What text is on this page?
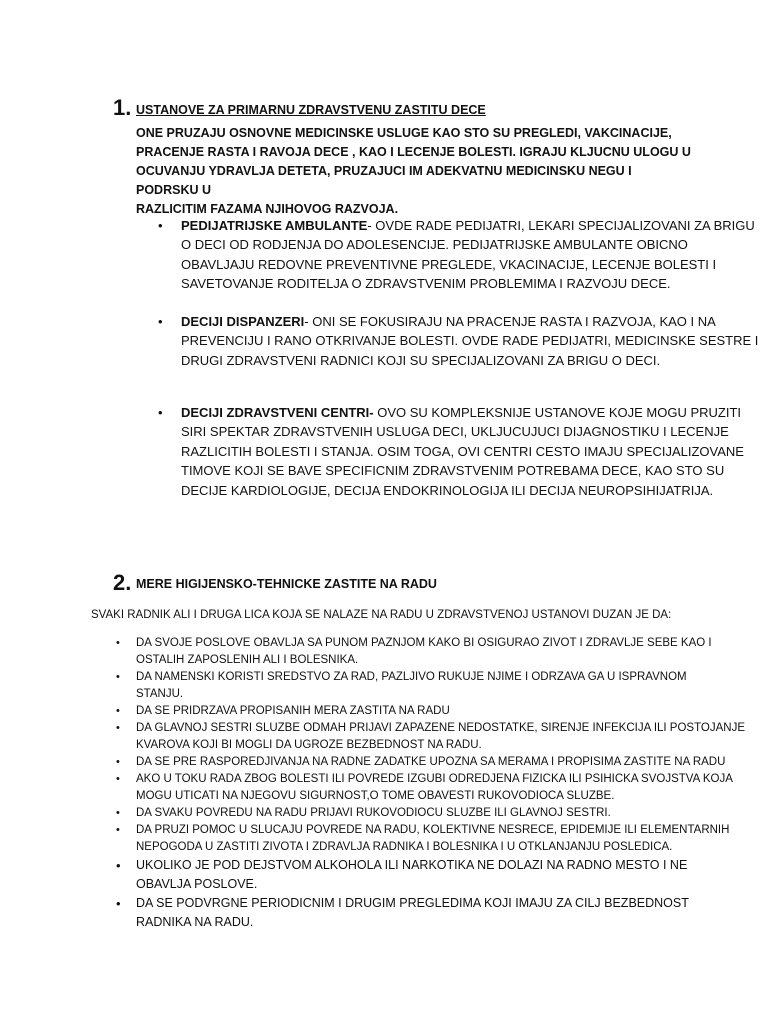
1. USTANOVE ZA PRIMARNU ZDRAVSTVENU ZASTITU DECE
ONE PRUZAJU OSNOVNE MEDICINSKE USLUGE KAO STO SU PREGLEDI, VAKCINACIJE,
PRACENJE RASTA I RAVOJA DECE , KAO I LECENJE BOLESTI. IGRAJU KLJUCNU ULOGU U
OCUVANJU YDRAVLJA DETETA, PRUZAJUCI IM ADEKVATNU MEDICINSKU NEGU I PODRSKU U
RAZLICITIM FAZAMA NJIHOVOG RAZVOJA.
• PEDIJATRIJSKE AMBULANTE- OVDE RADE PEDIJATRI, LEKARI SPECIJALIZOVANI ZA BRIGU
O DECI OD RODJENJA DO ADOLESENCIJE. PEDIJATRIJSKE AMBULANTE OBICNO
OBAVLJAJU REDOVNE PREVENTIVNE PREGLEDE, VKACINACIJE, LECENJE BOLESTI I
SAVETOVANJE RODITELJA O ZDRAVSTVENIM PROBLEMIMA I RAZVOJU DECE.
• DECIJI DISPANZERI- ONI SE FOKUSIRAJU NA PRACENJE RASTA I RAZVOJA, KAO I NA
PREVENCIJU I RANO OTKRIVANJE BOLESTI. OVDE RADE PEDIJATRI, MEDICINSKE SESTRE I
DRUGI ZDRAVSTVENI RADNICI KOJI SU SPECIJALIZOVANI ZA BRIGU O DECI.
• DECIJI ZDRAVSTVENI CENTRI- OVO SU KOMPLEKSNIJE USTANOVE KOJE MOGU PRUZITI
SIRI SPEKTAR ZDRAVSTVENIH USLUGA DECI, UKLJUCUJUCI DIJAGNOSTIKU I LECENJE
RAZLICITIH BOLESTI I STANJA. OSIM TOGA, OVI CENTRI CESTO IMAJU SPECIJALIZOVANE
TIMOVE KOJI SE BAVE SPECIFICNIM ZDRAVSTVENIM POTREBAMA DECE, KAO STO SU
DECIJE KARDIOLOGIJE, DECIJA ENDOKRINOLOGIJA ILI DECIJA NEUROPSIHIJATRIJA.
2. MERE HIGIJENSKO-TEHNICKE ZASTITE NA RADU
SVAKI RADNIK ALI I DRUGA LICA KOJA SE NALAZE NA RADU U ZDRAVSTVENOJ USTANOVI DUZAN JE DA:
• DA SVOJE POSLOVE OBAVLJA SA PUNOM PAZNJOM KAKO BI OSIGURAO ZIVOT I ZDRAVLJE SEBE KAO I
OSTALIH ZAPOSLENIH ALI I BOLESNIKA.
• DA NAMENSKI KORISTI SREDSTVO ZA RAD, PAZLJIVO RUKUJE NJIME I ODRZAVA GA U ISPRAVNOM
STANJU.
• DA SE PRIDRZAVA PROPISANIH MERA ZASTITA NA RADU
• DA GLAVNOJ SESTRI SLUZBE ODMAH PRIJAVI ZAPAZENE NEDOSTATKE, SIRENJE INFEKCIJA ILI POSTOJANJE
KVAROVA KOJI BI MOGLI DA UGROZE BEZBEDNOST NA RADU.
• DA SE PRE RASPOREDJIVANJA NA RADNE ZADATKE UPOZNA SA MERAMA I PROPISIMA ZASTITE NA RADU
• AKO U TOKU RADA ZBOG BOLESTI ILI POVREDE IZGUBI ODREDJENA FIZICKA ILI PSIHICKA SVOJSTVA KOJA
MOGU UTICATI NA NJEGOVU SIGURNOST,O TOME OBAVESTI RUKOVODIOCA SLUZBE.
• DA SVAKU POVREDU NA RADU PRIJAVI RUKOVODIOCU SLUZBE ILI GLAVNOJ SESTRI.
• DA PRUZI POMOC U SLUCAJU POVREDE NA RADU, KOLEKTIVNE NESRECE, EPIDEMIJE ILI ELEMENTARNIH
NEPOGODA U ZASTITI ZIVOTA I ZDRAVLJA RADNIKA I BOLESNIKA I U OTKLANJANJU POSLEDICA.
• UKOLIKO JE POD DEJSTVOM ALKOHOLA ILI NARKOTIKA NE DOLAZI NA RADNO MESTO I NE
OBAVLJA POSLOVE.
• DA SE PODVRGNE PERIODICNIM I DRUGIM PREGLEDIMA KOJI IMAJU ZA CILJ BEZBEDNOST
RADNIKA NA RADU.
